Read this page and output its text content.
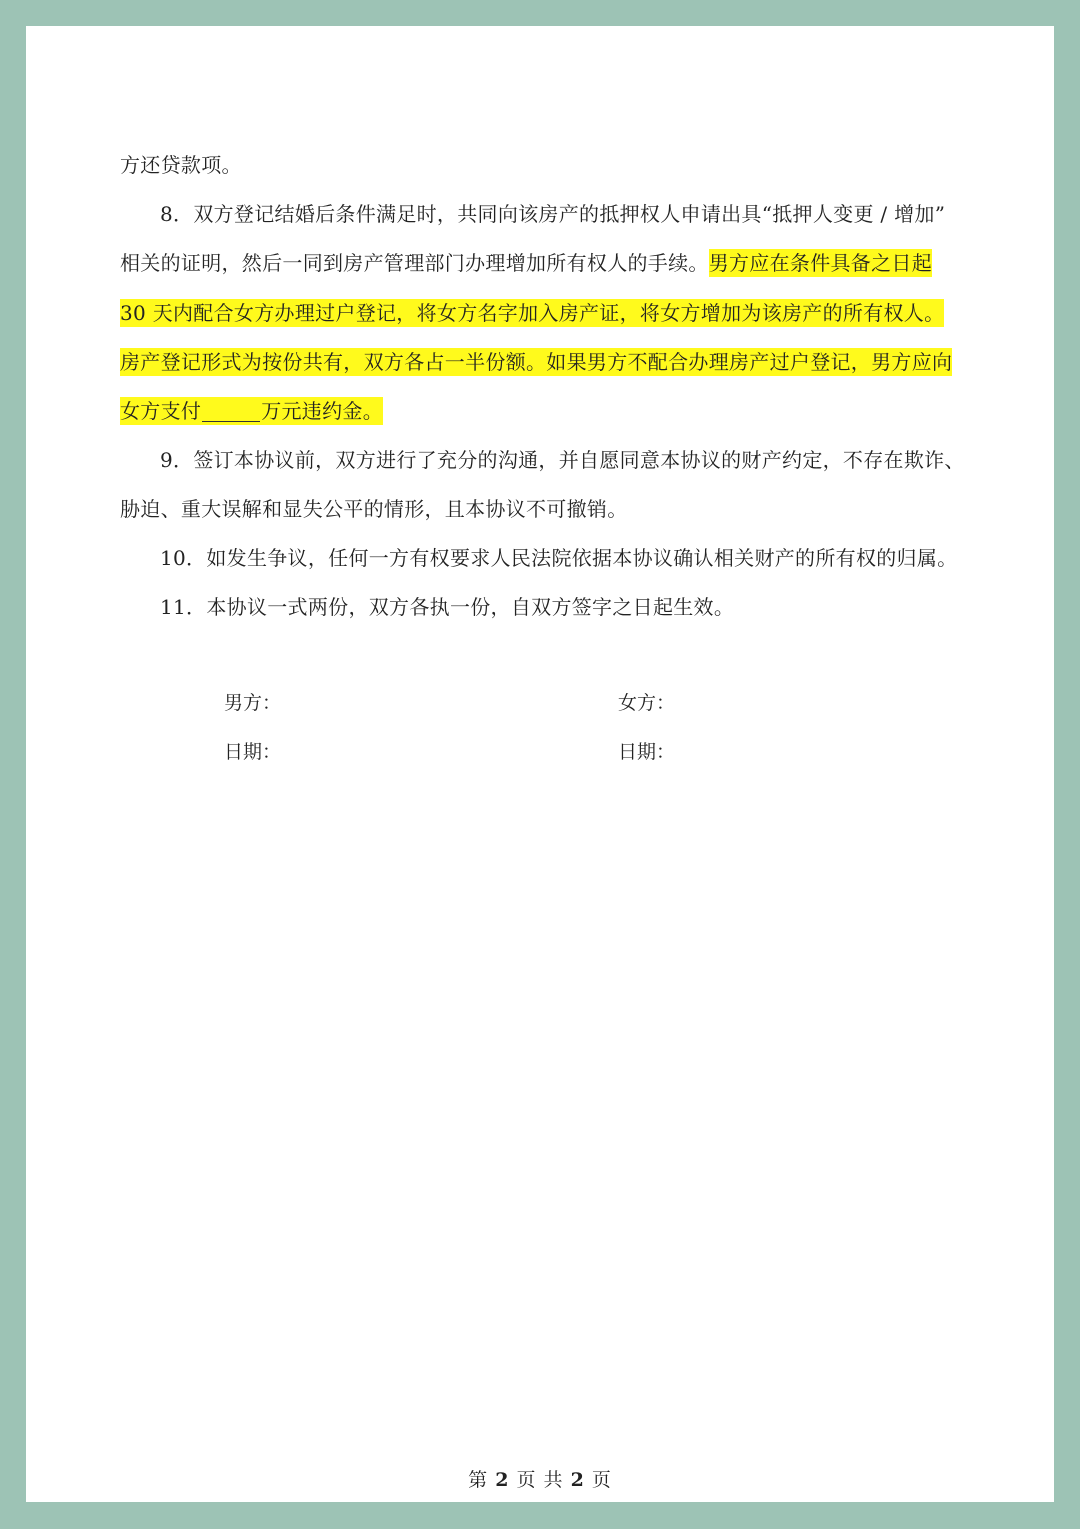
方还贷款项。
8．双方登记结婚后条件满足时，共同向该房产的抵押权人申请出具“抵押人变更 / 增加”
相关的证明，然后一同到房产管理部门办理增加所有权人的手续。男方应在条件具备之日起
30 天内配合女方办理过户登记，将女方名字加入房产证，将女方增加为该房产的所有权人。
房产登记形式为按份共有，双方各占一半份额。如果男方不配合办理房产过户登记，男方应向
女方支付	万元违约金。
9．签订本协议前，双方进行了充分的沟通，并自愿同意本协议的财产约定，不存在欺诈、
胁迫、重大误解和显失公平的情形，且本协议不可撤销。
10．如发生争议，任何一方有权要求人民法院依据本协议确认相关财产的所有权的归属。
11．本协议一式两份，双方各执一份，自双方签字之日起生效。
男方：	女方：
日期：	日期：
第 2 页 共 2 页
